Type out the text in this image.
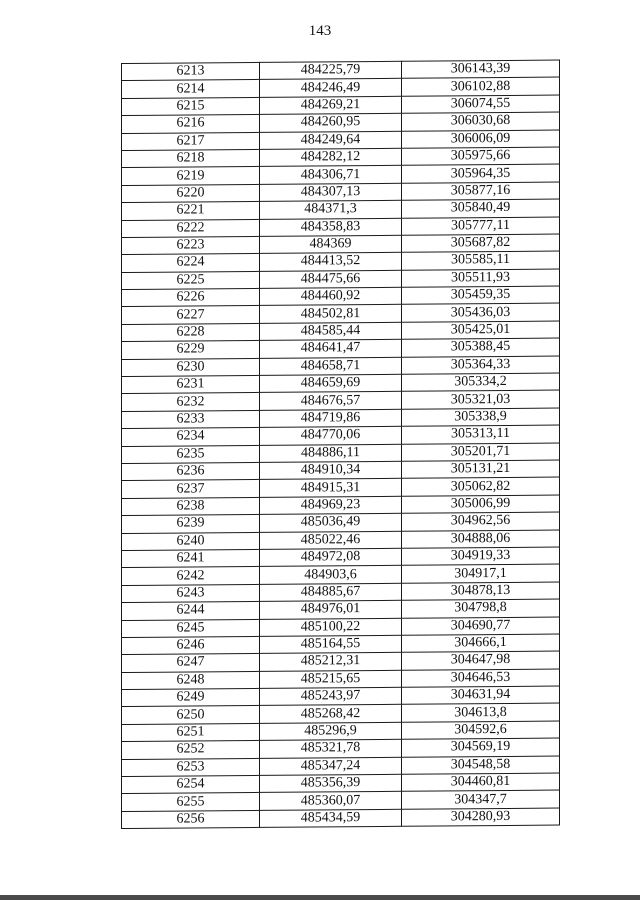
143
6213	484225,79	306143,39
6214	484246,49	306102,88
6215	484269,21	306074,55
6216	484260,95	306030,68
6217	484249,64	306006,09
6218	484282,12	305975,66
6219	484306,71	305964,35
6220	484307,13	305877,16
6221	484371,3	305840,49
6222	484358,83	305777,11
6223	484369	305687,82
6224	484413,52	305585,11
6225	484475,66	305511,93
6226	484460,92	305459,35
6227	484502,81	305436,03
6228	484585,44	305425,01
6229	484641,47	305388,45
6230	484658,71	305364,33
6231	484659,69	305334,2
6232	484676,57	305321,03
6233	484719,86	305338,9
6234	484770,06	305313,11
6235	484886,11	305201,71
6236	484910,34	305131,21
6237	484915,31	305062,82
6238	484969,23	305006,99
6239	485036,49	304962,56
6240	485022,46	304888,06
6241	484972,08	304919,33
6242	484903,6	304917,1
6243	484885,67	304878,13
6244	484976,01	304798,8
6245	485100,22	304690,77
6246	485164,55	304666,1
6247	485212,31	304647,98
6248	485215,65	304646,53
6249	485243,97	304631,94
6250	485268,42	304613,8
6251	485296,9	304592,6
6252	485321,78	304569,19
6253	485347,24	304548,58
6254	485356,39	304460,81
6255	485360,07	304347,7
6256	485434,59	304280,93
